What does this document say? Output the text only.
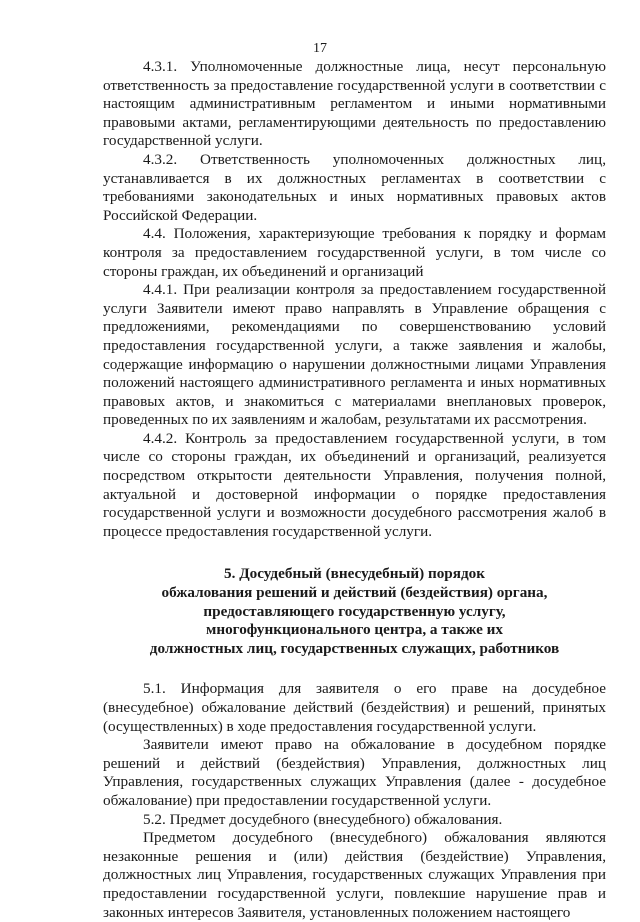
17

4.3.1. Уполномоченные должностные лица, несут персональную ответственность за предоставление государственной услуги в соответствии с настоящим административным регламентом и иными нормативными правовыми актами, регламентирующими деятельность по предоставлению государственной услуги.

4.3.2. Ответственность уполномоченных должностных лиц, устанавливается в их должностных регламентах в соответствии с требованиями законодательных и иных нормативных правовых актов Российской Федерации.

4.4. Положения, характеризующие требования к порядку и формам контроля за предоставлением государственной услуги, в том числе со стороны граждан, их объединений и организаций

4.4.1. При реализации контроля за предоставлением государственной услуги Заявители имеют право направлять в Управление обращения с предложениями, рекомендациями по совершенствованию условий предоставления государственной услуги, а также заявления и жалобы, содержащие информацию о нарушении должностными лицами Управления положений настоящего административного регламента и иных нормативных правовых актов, и знакомиться с материалами внеплановых проверок, проведенных по их заявлениям и жалобам, результатами их рассмотрения.

4.4.2. Контроль за предоставлением государственной услуги, в том числе со стороны граждан, их объединений и организаций, реализуется посредством открытости деятельности Управления, получения полной, актуальной и достоверной информации о порядке предоставления государственной услуги и возможности досудебного рассмотрения жалоб в процессе предоставления государственной услуги.

5. Досудебный (внесудебный) порядок
обжалования решений и действий (бездействия) органа,
предоставляющего государственную услугу,
многофункционального центра, а также их
должностных лиц, государственных служащих, работников

5.1. Информация для заявителя о его праве на досудебное (внесудебное) обжалование действий (бездействия) и решений, принятых (осуществленных) в ходе предоставления государственной услуги.

Заявители имеют право на обжалование в досудебном порядке решений и действий (бездействия) Управления, должностных лиц Управления, государственных служащих Управления (далее - досудебное обжалование) при предоставлении государственной услуги.

5.2. Предмет досудебного (внесудебного) обжалования.

Предметом досудебного (внесудебного) обжалования являются незаконные решения и (или) действия (бездействие) Управления, должностных лиц Управления, государственных служащих Управления при предоставлении государственной услуги, повлекшие нарушение прав и законных интересов Заявителя, установленных положением настоящего
